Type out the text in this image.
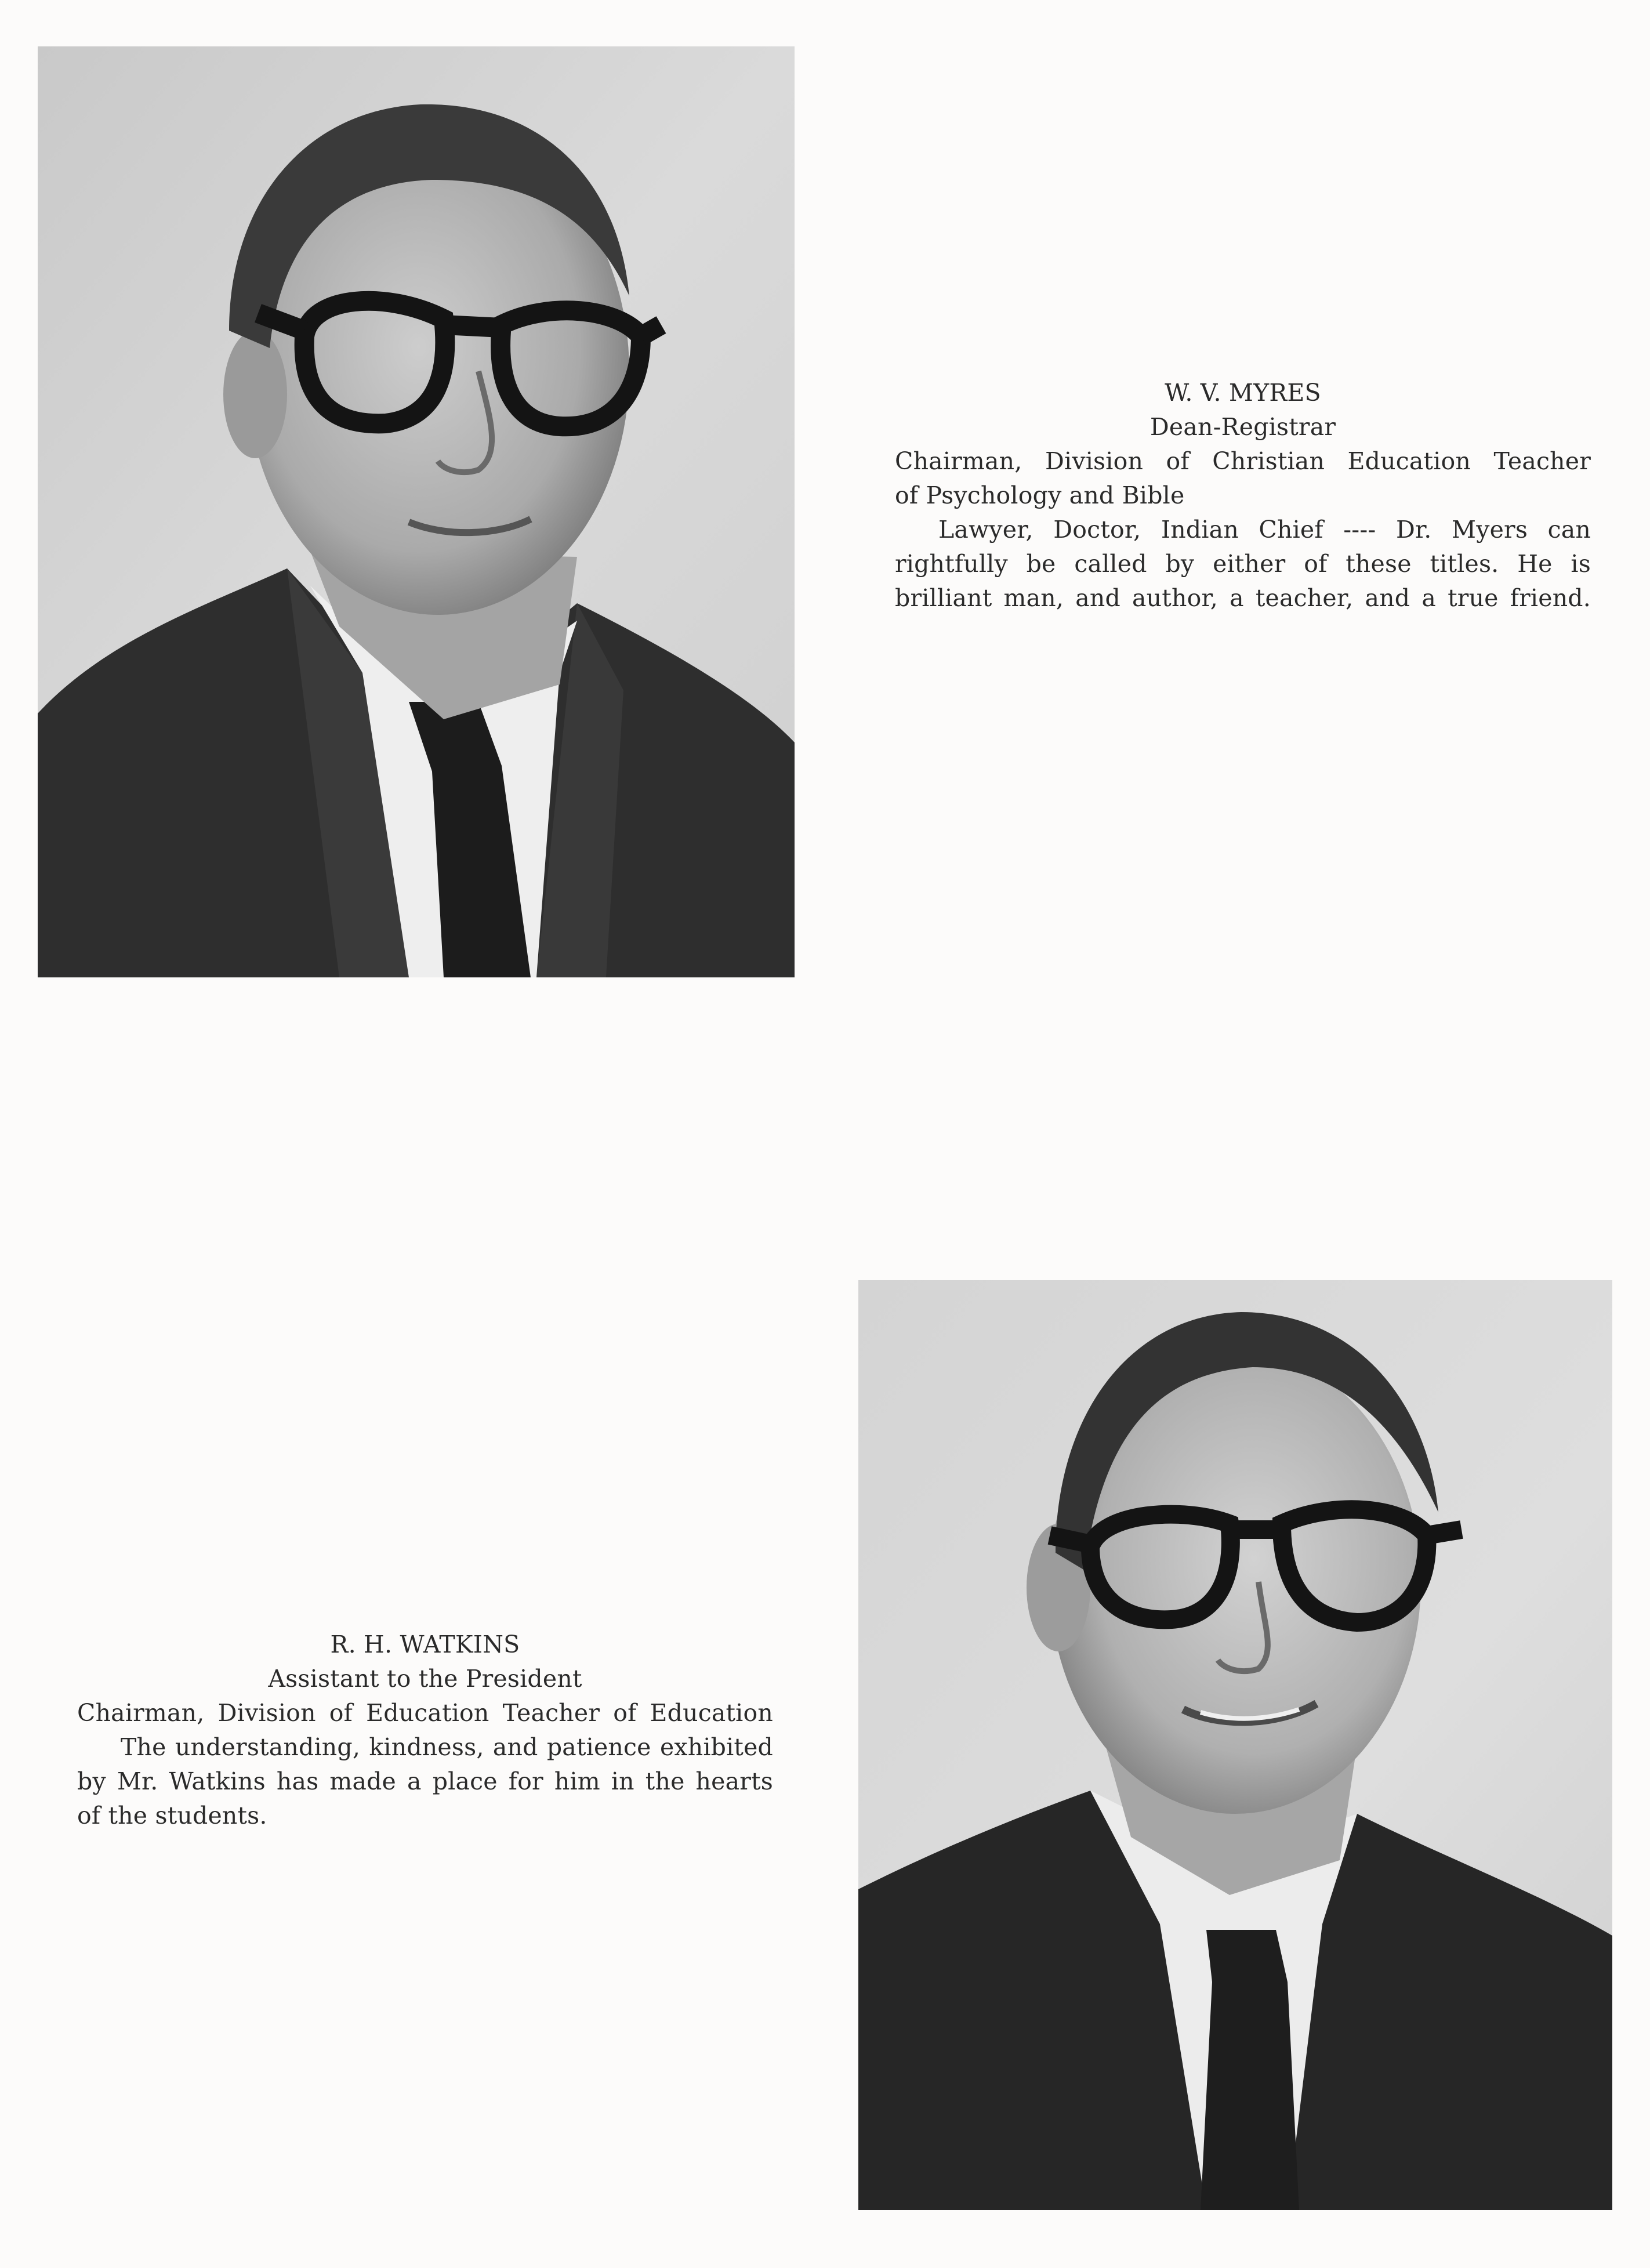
W. V. MYRES
Dean-Registrar
Chairman, Division of Christian Education Teacher
of Psychology and Bible
Lawyer, Doctor, Indian Chief ---- Dr. Myers can
rightfully be called by either of these titles. He is
brilliant man, and author, a teacher, and a true friend.
R. H. WATKINS
Assistant to the President
Chairman, Division of Education Teacher of Education
The understanding, kindness, and patience exhibited
by Mr. Watkins has made a place for him in the hearts
of the students.
